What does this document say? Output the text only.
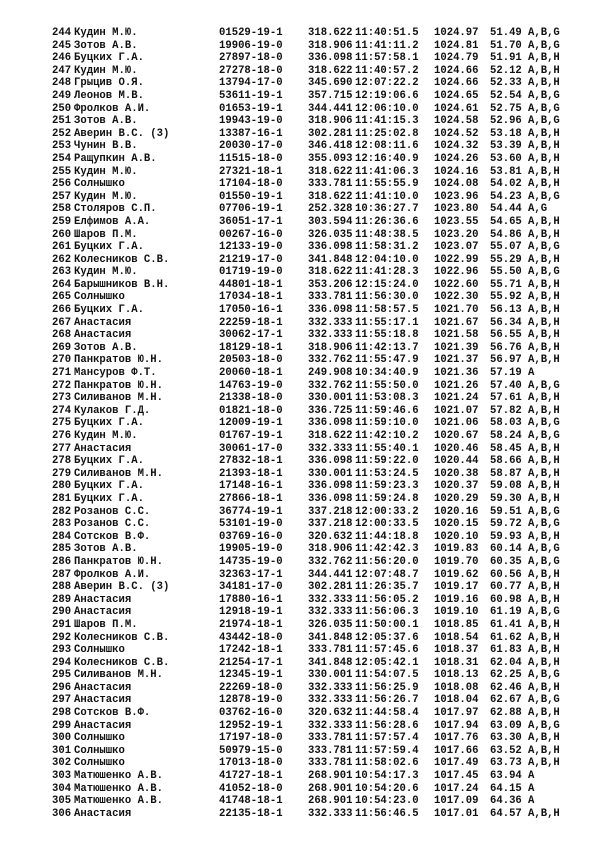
244 Кудин М.Ю.	01529-19-1 318.622 11:40:51.5 1024.97 51.49 A,B,G
245 Зотов А.В.	19906-19-0 318.906 11:41:11.2 1024.81 51.70 A,B,G
246 Буцких Г.А.	27897-18-0 336.098 11:57:58.1 1024.79 51.91 A,B,H
247 Кудин М.Ю.	27278-18-0 318.622 11:40:57.2 1024.66 52.12 A,B,H
248 Грыцив О.Я.	13794-17-0 345.690 12:07:22.2 1024.66 52.33 A,B,H
249 Леонов М.В.	53611-19-1 357.715 12:19:06.6 1024.65 52.54 A,B,G
250 Фролков А.И.	01653-19-1 344.441 12:06:10.0 1024.61 52.75 A,B,G
251 Зотов А.В.	19943-19-0 318.906 11:41:15.3 1024.58 52.96 A,B,G
252 Аверин В.С. (3)	13387-16-1 302.281 11:25:02.8 1024.52 53.18 A,B,H
253 Чунин В.В.	20030-17-0 346.418 12:08:11.6 1024.32 53.39 A,B,H
254 Ращупкин А.В.	11515-18-0 355.093 12:16:40.9 1024.26 53.60 A,B,H
255 Кудин М.Ю.	27321-18-1 318.622 11:41:06.3 1024.16 53.81 A,B,H
256 Солнышко	17104-18-0 333.781 11:55:55.9 1024.08 54.02 A,B,H
257 Кудин М.Ю.	01550-19-1 318.622 11:41:10.0 1023.96 54.23 A,B,G
258 Столяров С.П.	07706-19-1 252.328 10:36:27.7 1023.80 54.44 A,G
259 Елфимов А.А.	36051-17-1 303.594 11:26:36.6 1023.55 54.65 A,B,H
260 Шаров П.М.	00267-16-0 326.035 11:48:38.5 1023.20 54.86 A,B,H
261 Буцких Г.А.	12133-19-0 336.098 11:58:31.2 1023.07 55.07 A,B,G
262 Колесников С.В.	21219-17-0 341.848 12:04:10.0 1022.99 55.29 A,B,H
263 Кудин М.Ю.	01719-19-0 318.622 11:41:28.3 1022.96 55.50 A,B,G
264 Барышников В.Н.	44801-18-1 353.206 12:15:24.0 1022.60 55.71 A,B,H
265 Солнышко	17034-18-1 333.781 11:56:30.0 1022.30 55.92 A,B,H
266 Буцких Г.А.	17050-16-1 336.098 11:58:57.5 1021.70 56.13 A,B,H
267 Анастасия	22259-18-1 332.333 11:55:17.1 1021.67 56.34 A,B,H
268 Анастасия	30062-17-1 332.333 11:55:18.8 1021.58 56.55 A,B,H
269 Зотов А.В.	18129-18-1 318.906 11:42:13.7 1021.39 56.76 A,B,H
270 Панкратов Ю.Н.	20503-18-0 332.762 11:55:47.9 1021.37 56.97 A,B,H
271 Мансуров Ф.Т.	20060-18-1 249.908 10:34:40.9 1021.36 57.19 A
272 Панкратов Ю.Н.	14763-19-0 332.762 11:55:50.0 1021.26 57.40 A,B,G
273 Силиванов М.Н.	21338-18-0 330.001 11:53:08.3 1021.24 57.61 A,B,H
274 Кулаков Г.Д.	01821-18-0 336.725 11:59:46.6 1021.07 57.82 A,B,H
275 Буцких Г.А.	12009-19-1 336.098 11:59:10.0 1021.06 58.03 A,B,G
276 Кудин М.Ю.	01767-19-1 318.622 11:42:10.2 1020.67 58.24 A,B,G
277 Анастасия	30061-17-0 332.333 11:55:40.1 1020.46 58.45 A,B,H
278 Буцких Г.А.	27832-18-1 336.098 11:59:22.0 1020.44 58.66 A,B,H
279 Силиванов М.Н.	21393-18-1 330.001 11:53:24.5 1020.38 58.87 A,B,H
280 Буцких Г.А.	17148-16-1 336.098 11:59:23.3 1020.37 59.08 A,B,H
281 Буцких Г.А.	27866-18-1 336.098 11:59:24.8 1020.29 59.30 A,B,H
282 Розанов С.С.	36774-19-1 337.218 12:00:33.2 1020.16 59.51 A,B,G
283 Розанов С.С.	53101-19-0 337.218 12:00:33.5 1020.15 59.72 A,B,G
284 Сотсков В.Ф.	03769-16-0 320.632 11:44:18.8 1020.10 59.93 A,B,H
285 Зотов А.В.	19905-19-0 318.906 11:42:42.3 1019.83 60.14 A,B,G
286 Панкратов Ю.Н.	14735-19-0 332.762 11:56:20.0 1019.70 60.35 A,B,G
287 Фролков А.И.	32363-17-1 344.441 12:07:48.7 1019.62 60.56 A,B,H
288 Аверин В.С. (3)	34181-17-0 302.281 11:26:35.7 1019.17 60.77 A,B,H
289 Анастасия	17880-16-1 332.333 11:56:05.2 1019.16 60.98 A,B,H
290 Анастасия	12918-19-1 332.333 11:56:06.3 1019.10 61.19 A,B,G
291 Шаров П.М.	21974-18-1 326.035 11:50:00.1 1018.85 61.41 A,B,H
292 Колесников С.В.	43442-18-0 341.848 12:05:37.6 1018.54 61.62 A,B,H
293 Солнышко	17242-18-1 333.781 11:57:45.6 1018.37 61.83 A,B,H
294 Колесников С.В.	21254-17-1 341.848 12:05:42.1 1018.31 62.04 A,B,H
295 Силиванов М.Н.	12345-19-1 330.001 11:54:07.5 1018.13 62.25 A,B,G
296 Анастасия	22269-18-0 332.333 11:56:25.9 1018.08 62.46 A,B,H
297 Анастасия	12878-19-0 332.333 11:56:26.7 1018.04 62.67 A,B,G
298 Сотсков В.Ф.	03762-16-0 320.632 11:44:58.4 1017.97 62.88 A,B,H
299 Анастасия	12952-19-1 332.333 11:56:28.6 1017.94 63.09 A,B,G
300 Солнышко	17197-18-0 333.781 11:57:57.4 1017.76 63.30 A,B,H
301 Солнышко	50979-15-0 333.781 11:57:59.4 1017.66 63.52 A,B,H
302 Солнышко	17013-18-0 333.781 11:58:02.6 1017.49 63.73 A,B,H
303 Матюшенко А.В.	41727-18-1 268.901 10:54:17.3 1017.45 63.94 A
304 Матюшенко А.В.	41052-18-0 268.901 10:54:20.6 1017.24 64.15 A
305 Матюшенко А.В.	41748-18-1 268.901 10:54:23.0 1017.09 64.36 A
306 Анастасия	22135-18-1 332.333 11:56:46.5 1017.01 64.57 A,B,H
